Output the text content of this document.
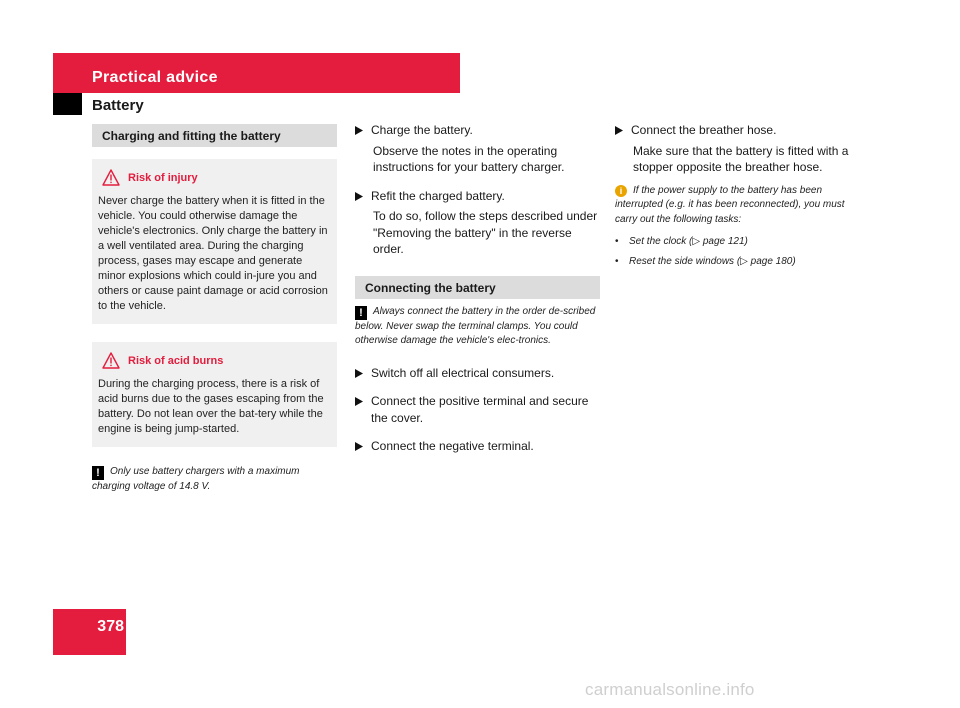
Practical advice
Battery
Charging and fitting the battery
Risk of injury
Never charge the battery when it is fitted in the vehicle. You could otherwise damage the vehicle's electronics. Only charge the battery in a well ventilated area. During the charging process, gases may escape and generate minor explosions which could in-jure you and others or cause paint damage or acid corrosion to the vehicle.
Risk of acid burns
During the charging process, there is a risk of acid burns due to the gases escaping from the battery. Do not lean over the bat-tery while the engine is being jump-started.
! Only use battery chargers with a maximum charging voltage of 14.8 V.
Charge the battery.
Observe the notes in the operating instructions for your battery charger.
Refit the charged battery.
To do so, follow the steps described under "Removing the battery" in the reverse order.
Connecting the battery
! Always connect the battery in the order de-scribed below. Never swap the terminal clamps. You could otherwise damage the vehicle's elec-tronics.
Switch off all electrical consumers.
Connect the positive terminal and secure the cover.
Connect the negative terminal.
Connect the breather hose.
Make sure that the battery is fitted with a stopper opposite the breather hose.
i If the power supply to the battery has been interrupted (e.g. it has been reconnected), you must carry out the following tasks:
• Set the clock (▷ page 121)
• Reset the side windows (▷ page 180)
378
carmanualsonline.info
